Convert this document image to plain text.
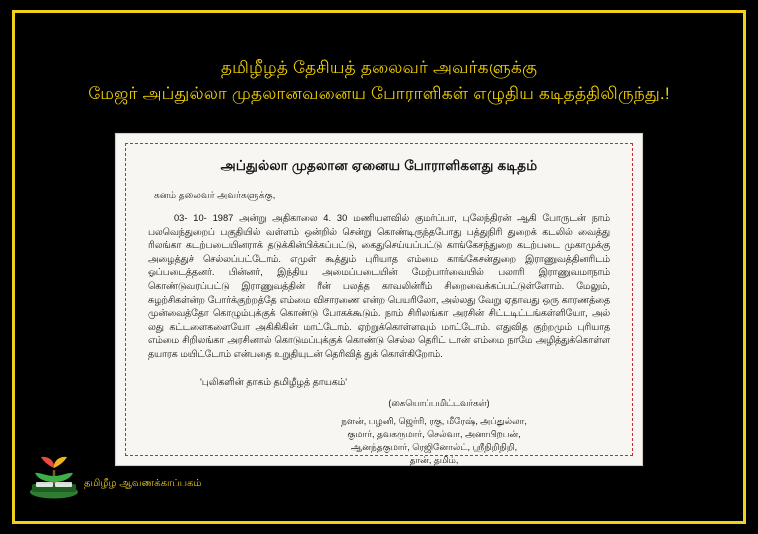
தமிழீழத் தேசியத் தலைவர் அவர்களுக்கு
மேஜர் அப்துல்லா முதலானவனைய போராளிகள் எழுதிய கடிதத்திலிருந்து.!
அப்துல்லா முதலான ஏனைய போராளிகளது கடிதம்
கனம் தலைவர் அவர்களுக்கு,

03- 10- 1987 அன்று அதிகாலை 4. 30 மணியளவில் குமர்ப்பா, புலேந்திரன் ஆகி போருடன் நாம் பலவெந்துறைப் பகுதியில் வள்ளம் ஒன்றில் சென்று கொண்டிருந்தபோது பத்துநிரி துறைக் கடலில் வைத்து ரிலங்கா கடற்படையினராக் தடுக்கின்பிக்கப்பட்டு, கைதுசெய்யப்பட்டு காங்கேசந்துறை கடற்படை முகாமுக்கு அழைத்துச் செல்லப்பட்டோம். எமுள் கூத்தும் புரியாத எம்மை காங்கேசன்துறை இராணுவத்தினரிடம் ஓப்படைத்தனர். பின்னர், இந்திய அமைப்படையின் மேற்பார்வையில் பலாரி இராணுவமாநாம் கொண்டுவரப்பட்டு இராணுவத்தின் ரீன் பலத்த காவலின்ரீம் சிறைவைக்கப்பட்டுள்ளோம். மேலும், சுழற்சிகள்ன்ற போர்க்குற்றத்தே எம்மை விசாரணை என்ற பெயரிலோ, அல்லது வேறு ஏதாவது ஒரு காரணத்தை முன்வைத்தோ கொழும்புக்குக் கொண்டு போகக்கூடும். நாம் சிரிலங்கா அரசின் சிட்டடிட்டங்கள்ளியோ, அல் லது கட்டளைகளையோ அகிகிகின் மாட்டோம். ஏற்றுக்கொள்ளவும் மாட்டோம். எதுவித குற்றமும் புரியாத எம்மை சிறிலங்கா அரசினால் கொடுமப்புக்குக் கொண்டு செல்ல தெரிட் டான் எம்மை நாமே அழித்துக்கொள்ள தயாரக மயிட்டோம் என்பதை உறுதியுடன் தெரிவித் துக் கொள்கிறோம்.

'புலிகளின் தாகம் தமிழீழத் தாயகம்'
(கையொப்பமிட்டவர்கள்)
நளன், பழனி, ஜெர்ரி, ரகு, மீரேஷ், அப்துல்லா,
குமார், தவகருமார், செல்வா, அனாபிறபன்,
ஆனந்தகுமார், ரெஜினோல்ட், ஸ்ரீநிறிநிறி,
தான், தமிம்,
தமிழீழ ஆவணக்காப்பகம்
